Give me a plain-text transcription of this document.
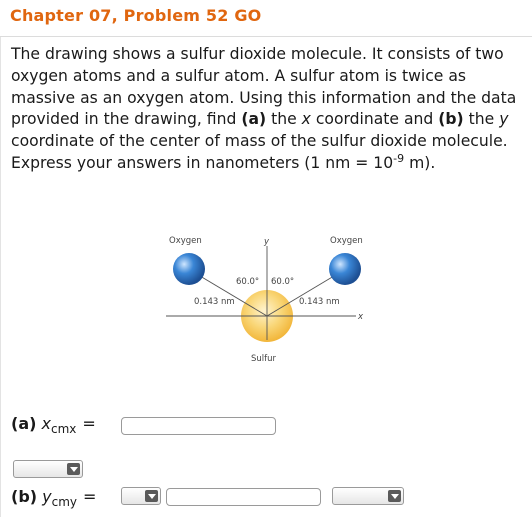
Chapter 07, Problem 52 GO

The drawing shows a sulfur dioxide molecule. It consists of two oxygen atoms and a sulfur atom. A sulfur atom is twice as massive as an oxygen atom. Using this information and the data provided in the drawing, find (a) the x coordinate and (b) the y coordinate of the center of mass of the sulfur dioxide molecule. Express your answers in nanometers (1 nm = $10^{-9}$ m).

Oxygen	Oxygen
y
x
60.0° 60.0°
0.143 nm	0.143 nm
Sulfur
(a) $x_{cmx}$ =
(b) $y_{cmy}$ =
